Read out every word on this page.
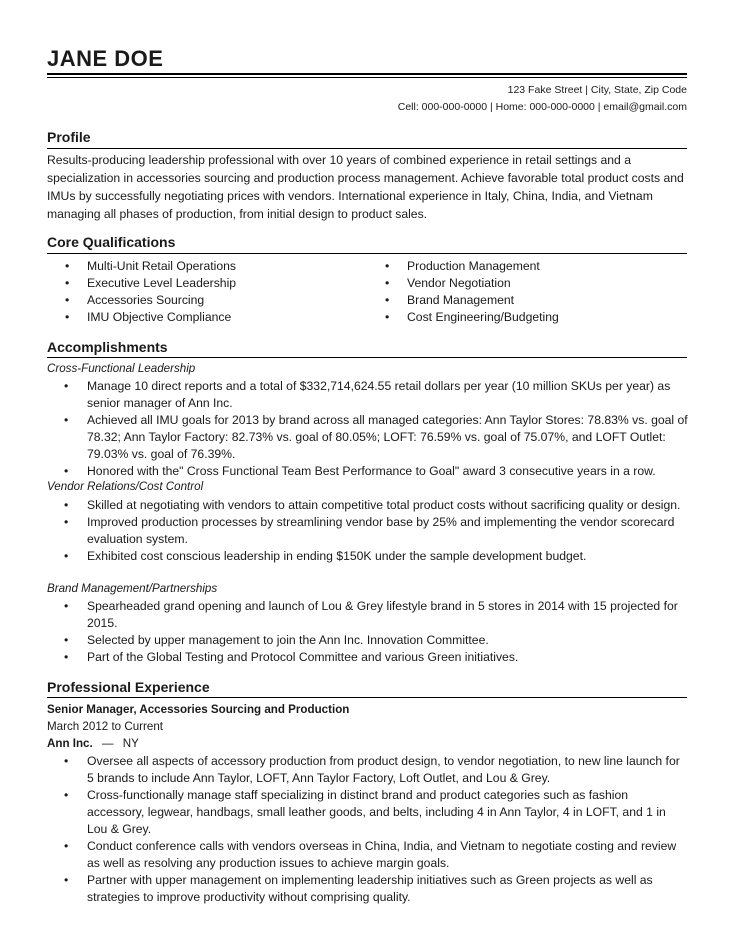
JANE DOE
123 Fake Street | City, State, Zip Code
Cell: 000-000-0000 | Home: 000-000-0000 | email@gmail.com
Profile
Results-producing leadership professional with over 10 years of combined experience in retail settings and a specialization in accessories sourcing and production process management. Achieve favorable total product costs and IMUs by successfully negotiating prices with vendors. International experience in Italy, China, India, and Vietnam managing all phases of production, from initial design to product sales.
Core Qualifications
• Multi-Unit Retail Operations
• Executive Level Leadership
• Accessories Sourcing
• IMU Objective Compliance
• Production Management
• Vendor Negotiation
• Brand Management
• Cost Engineering/Budgeting
Accomplishments
Cross-Functional Leadership
• Manage 10 direct reports and a total of $332,714,624.55 retail dollars per year (10 million SKUs per year) as senior manager of Ann Inc.
• Achieved all IMU goals for 2013 by brand across all managed categories: Ann Taylor Stores: 78.83% vs. goal of 78.32; Ann Taylor Factory: 82.73% vs. goal of 80.05%; LOFT: 76.59% vs. goal of 75.07%, and LOFT Outlet: 79.03% vs. goal of 76.39%.
• Honored with the" Cross Functional Team Best Performance to Goal" award 3 consecutive years in a row.
Vendor Relations/Cost Control
• Skilled at negotiating with vendors to attain competitive total product costs without sacrificing quality or design.
• Improved production processes by streamlining vendor base by 25% and implementing the vendor scorecard evaluation system.
• Exhibited cost conscious leadership in ending $150K under the sample development budget.
Brand Management/Partnerships
• Spearheaded grand opening and launch of Lou & Grey lifestyle brand in 5 stores in 2014 with 15 projected for 2015.
• Selected by upper management to join the Ann Inc. Innovation Committee.
• Part of the Global Testing and Protocol Committee and various Green initiatives.
Professional Experience
Senior Manager, Accessories Sourcing and Production
March 2012 to Current
Ann Inc. — NY
• Oversee all aspects of accessory production from product design, to vendor negotiation, to new line launch for 5 brands to include Ann Taylor, LOFT, Ann Taylor Factory, Loft Outlet, and Lou & Grey.
• Cross-functionally manage staff specializing in distinct brand and product categories such as fashion accessory, legwear, handbags, small leather goods, and belts, including 4 in Ann Taylor, 4 in LOFT, and 1 in Lou & Grey.
• Conduct conference calls with vendors overseas in China, India, and Vietnam to negotiate costing and review as well as resolving any production issues to achieve margin goals.
• Partner with upper management on implementing leadership initiatives such as Green projects as well as strategies to improve productivity without comprising quality.
